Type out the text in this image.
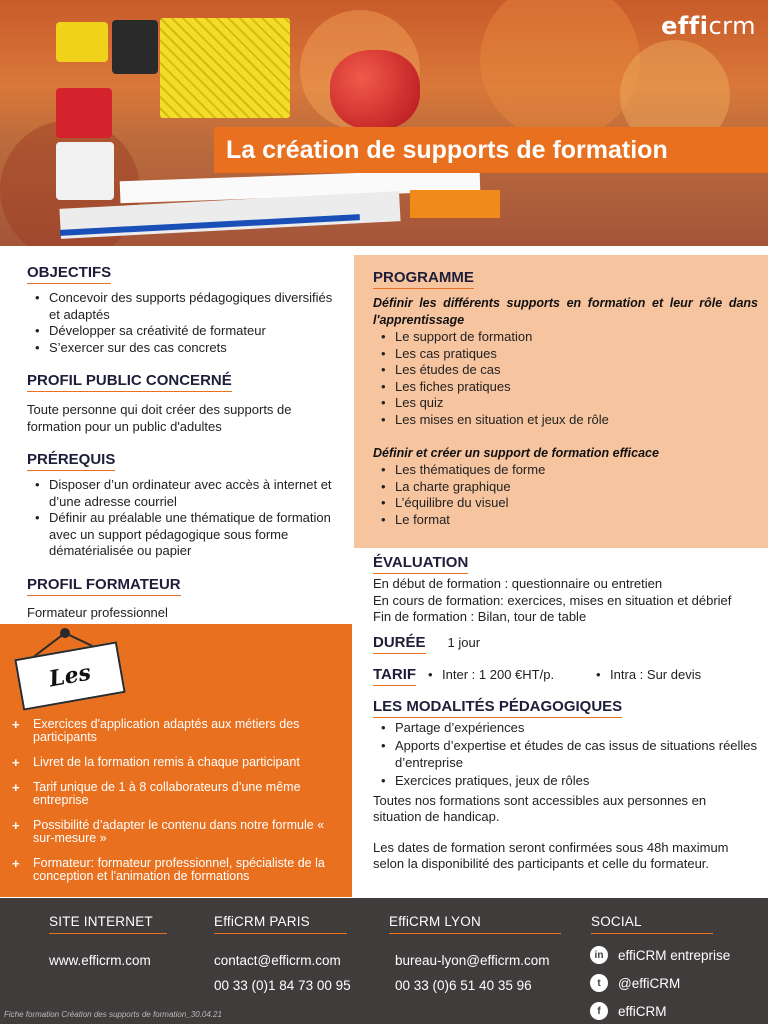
efficrm
La création de supports de formation
OBJECTIFS
• Concevoir des supports pédagogiques diversifiés et adaptés
• Développer sa créativité de formateur
• S’exercer sur des cas concrets
PROFIL PUBLIC CONCERNÉ
Toute personne qui doit créer des supports de formation pour un public d'adultes
PRÉREQUIS
• Disposer d’un ordinateur avec accès à internet et d’une adresse courriel
• Définir au préalable une thématique de formation avec un support pédagogique sous forme dématérialisée ou papier
PROFIL FORMATEUR
Formateur professionnel
PROGRAMME
Définir les différents supports en formation et leur rôle dans l'apprentissage
• Le support de formation
• Les cas pratiques
• Les études de cas
• Les fiches pratiques
• Les quiz
• Les mises en situation et jeux de rôle
Définir et créer un support de formation efficace
• Les thématiques de forme
• La charte graphique
• L’équilibre du visuel
• Le format
ÉVALUATION
En début de formation : questionnaire ou entretien
En cours de formation: exercices, mises en situation et débrief
Fin de formation : Bilan, tour de table
DURÉE 1 jour
TARIF	• Inter : 1 200 €HT/p.	• Intra : Sur devis
LES MODALITÉS PÉDAGOGIQUES
• Partage d’expériences
• Apports d’expertise et études de cas issus de situations réelles d’entreprise
• Exercices pratiques, jeux de rôles
Toutes nos formations sont accessibles aux personnes en situation de handicap.
Les dates de formation seront confirmées sous 48h maximum selon la disponibilité des participants et celle du formateur.
Les
+
+ Exercices d'application adaptés aux métiers des participants
+ Livret de la formation remis à chaque participant
+ Tarif unique de 1 à 8 collaborateurs d’une même entreprise
+ Possibilité d’adapter le contenu dans notre formule « sur-mesure »
+ Formateur: formateur professionnel, spécialiste de la conception et l'animation de formations
SITE INTERNET
www.efficrm.com
EffiCRM PARIS
contact@efficrm.com
00 33 (0)1 84 73 00 95
EffiCRM LYON
bureau-lyon@efficrm.com
00 33 (0)6 51 40 35 96
SOCIAL
in	effiCRM entreprise
t	@effiCRM
f	effiCRM
Fiche formation Création des supports de formation_30.04.21
